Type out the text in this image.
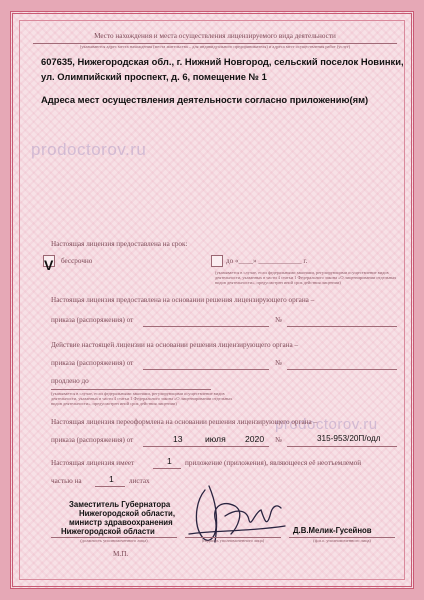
Место нахождения и места осуществления лицензируемого вида деятельности
(указываются адрес места нахождения (места жительства – для индивидуального предпринимателя) и адреса мест осуществления работ (услуг)
607635, Нижегородская обл., г. Нижний Новгород, сельский поселок Новинки,
ул. Олимпийский проспект, д. 6, помещение № 1
Адреса мест осуществления деятельности согласно приложению(ям)
prodoctorov.ru
prodoctorov.ru
Настоящая лицензия предоставлена на срок:
V бессрочно	до «____» ____________ г.
(указывается в случае, если федеральными законами, регулирующими осуществление видов деятельности, указанных в части 4 статьи 1 Федерального закона «О лицензировании отдельных видов деятельности», предусмотрен иной срок действия лицензии)
Настоящая лицензия предоставлена на основании решения лицензирующего органа –
приказа (распоряжения) от	№
Действие настоящей лицензии на основании решения лицензирующего органа –
приказа (распоряжения) от	№
продлено до
(указывается в случае, если федеральными законами, регулирующими осуществление видов деятельности, указанных в части 4 статьи 1 Федерального закона «О лицензировании отдельных видов деятельности», предусмотрен иной срок действия лицензии)
Настоящая лицензия переоформлена на основании решения лицензирующего органа –
приказа (распоряжения) от	13	июля 2020 №	315-953/20П/одл
Настоящая лицензия имеет	1 приложение (приложения), являющееся её неотъемлемой
частью на	1 листах
Заместитель Губернатора
Нижегородской области,
министр здравоохранения
Нижегородской области
(должность уполномоченного лица)	(подпись уполномоченного лица)
Д.В.Мелик-Гусейнов
(ф.и.о. уполномоченного лица)
М.П.
